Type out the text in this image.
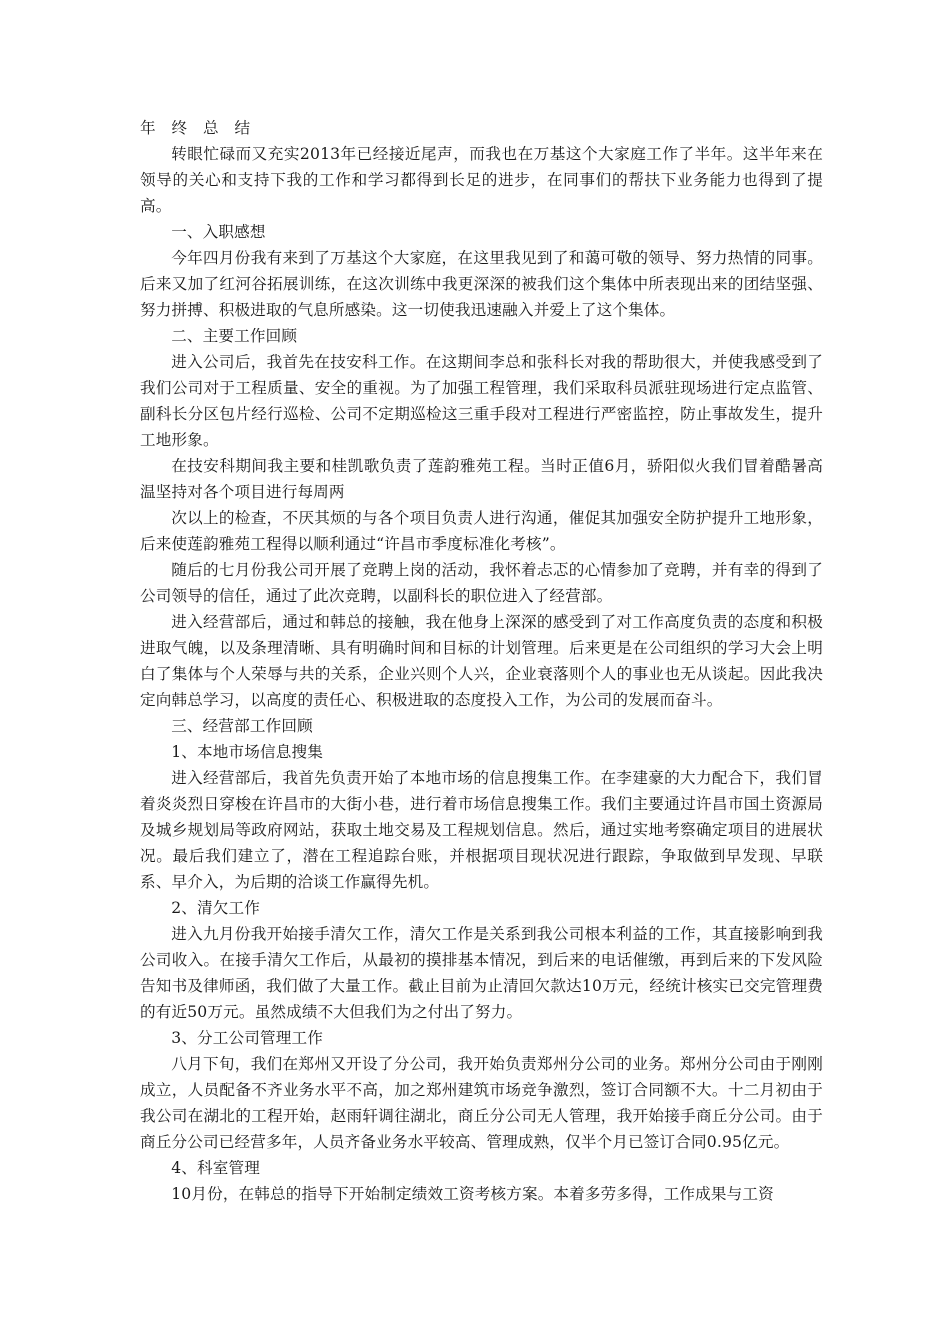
年　终　总　结

转眼忙碌而又充实2013年已经接近尾声，而我也在万基这个大家庭工作了半年。这半年来在领导的关心和支持下我的工作和学习都得到长足的进步，在同事们的帮扶下业务能力也得到了提高。

一、入职感想

今年四月份我有来到了万基这个大家庭，在这里我见到了和蔼可敬的领导、努力热情的同事。后来又加了红河谷拓展训练，在这次训练中我更深深的被我们这个集体中所表现出来的团结坚强、努力拼搏、积极进取的气息所感染。这一切使我迅速融入并爱上了这个集体。

二、主要工作回顾

进入公司后，我首先在技安科工作。在这期间李总和张科长对我的帮助很大，并使我感受到了我们公司对于工程质量、安全的重视。为了加强工程管理，我们采取科员派驻现场进行定点监管、副科长分区包片经行巡检、公司不定期巡检这三重手段对工程进行严密监控，防止事故发生，提升工地形象。

在技安科期间我主要和桂凯歌负责了莲韵雅苑工程。当时正值6月，骄阳似火我们冒着酷暑高温坚持对各个项目进行每周两

次以上的检查，不厌其烦的与各个项目负责人进行沟通，催促其加强安全防护提升工地形象，后来使莲韵雅苑工程得以顺利通过“许昌市季度标准化考核”。

随后的七月份我公司开展了竞聘上岗的活动，我怀着忐忑的心情参加了竞聘，并有幸的得到了公司领导的信任，通过了此次竞聘，以副科长的职位进入了经营部。

进入经营部后，通过和韩总的接触，我在他身上深深的感受到了对工作高度负责的态度和积极进取气魄，以及条理清晰、具有明确时间和目标的计划管理。后来更是在公司组织的学习大会上明白了集体与个人荣辱与共的关系，企业兴则个人兴，企业衰落则个人的事业也无从谈起。因此我决定向韩总学习，以高度的责任心、积极进取的态度投入工作，为公司的发展而奋斗。

三、经营部工作回顾

1、本地市场信息搜集

进入经营部后，我首先负责开始了本地市场的信息搜集工作。在李建豪的大力配合下，我们冒着炎炎烈日穿梭在许昌市的大街小巷，进行着市场信息搜集工作。我们主要通过许昌市国土资源局及城乡规划局等政府网站，获取土地交易及工程规划信息。然后，通过实地考察确定项目的进展状况。最后我们建立了，潜在工程追踪台账，并根据项目现状况进行跟踪，争取做到早发现、早联系、早介入，为后期的洽谈工作赢得先机。

2、清欠工作

进入九月份我开始接手清欠工作，清欠工作是关系到我公司根本利益的工作，其直接影响到我公司收入。在接手清欠工作后，从最初的摸排基本情况，到后来的电话催缴，再到后来的下发风险告知书及律师函，我们做了大量工作。截止目前为止清回欠款达10万元，经统计核实已交完管理费的有近50万元。虽然成绩不大但我们为之付出了努力。

3、分工公司管理工作

八月下旬，我们在郑州又开设了分公司，我开始负责郑州分公司的业务。郑州分公司由于刚刚成立，人员配备不齐业务水平不高，加之郑州建筑市场竞争激烈，签订合同额不大。十二月初由于我公司在湖北的工程开始，赵雨轩调往湖北，商丘分公司无人管理，我开始接手商丘分公司。由于商丘分公司已经营多年，人员齐备业务水平较高、管理成熟，仅半个月已签订合同0.95亿元。

4、科室管理

10月份，在韩总的指导下开始制定绩效工资考核方案。本着多劳多得，工作成果与工资
